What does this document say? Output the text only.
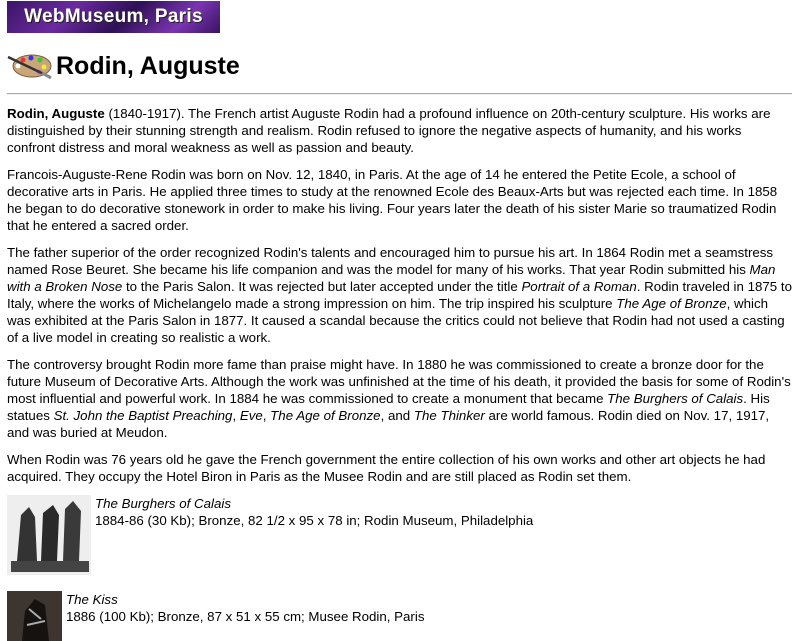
WebMuseum, Paris
Rodin, Auguste

Rodin, Auguste (1840-1917). The French artist Auguste Rodin had a profound influence on 20th-century sculpture. His works are distinguished by their stunning strength and realism. Rodin refused to ignore the negative aspects of humanity, and his works confront distress and moral weakness as well as passion and beauty.

Francois-Auguste-Rene Rodin was born on Nov. 12, 1840, in Paris. At the age of 14 he entered the Petite Ecole, a school of decorative arts in Paris. He applied three times to study at the renowned Ecole des Beaux-Arts but was rejected each time. In 1858 he began to do decorative stonework in order to make his living. Four years later the death of his sister Marie so traumatized Rodin that he entered a sacred order.

The father superior of the order recognized Rodin's talents and encouraged him to pursue his art. In 1864 Rodin met a seamstress named Rose Beuret. She became his life companion and was the model for many of his works. That year Rodin submitted his Man with a Broken Nose to the Paris Salon. It was rejected but later accepted under the title Portrait of a Roman. Rodin traveled in 1875 to Italy, where the works of Michelangelo made a strong impression on him. The trip inspired his sculpture The Age of Bronze, which was exhibited at the Paris Salon in 1877. It caused a scandal because the critics could not believe that Rodin had not used a casting of a live model in creating so realistic a work.

The controversy brought Rodin more fame than praise might have. In 1880 he was commissioned to create a bronze door for the future Museum of Decorative Arts. Although the work was unfinished at the time of his death, it provided the basis for some of Rodin's most influential and powerful work. In 1884 he was commissioned to create a monument that became The Burghers of Calais. His statues St. John the Baptist Preaching, Eve, The Age of Bronze, and The Thinker are world famous. Rodin died on Nov. 17, 1917, and was buried at Meudon.

When Rodin was 76 years old he gave the French government the entire collection of his own works and other art objects he had acquired. They occupy the Hotel Biron in Paris as the Musee Rodin and are still placed as Rodin set them.

The Burghers of Calais
1884-86 (30 Kb); Bronze, 82 1/2 x 95 x 78 in; Rodin Museum, Philadelphia
The Kiss
1886 (100 Kb); Bronze, 87 x 51 x 55 cm; Musee Rodin, Paris
